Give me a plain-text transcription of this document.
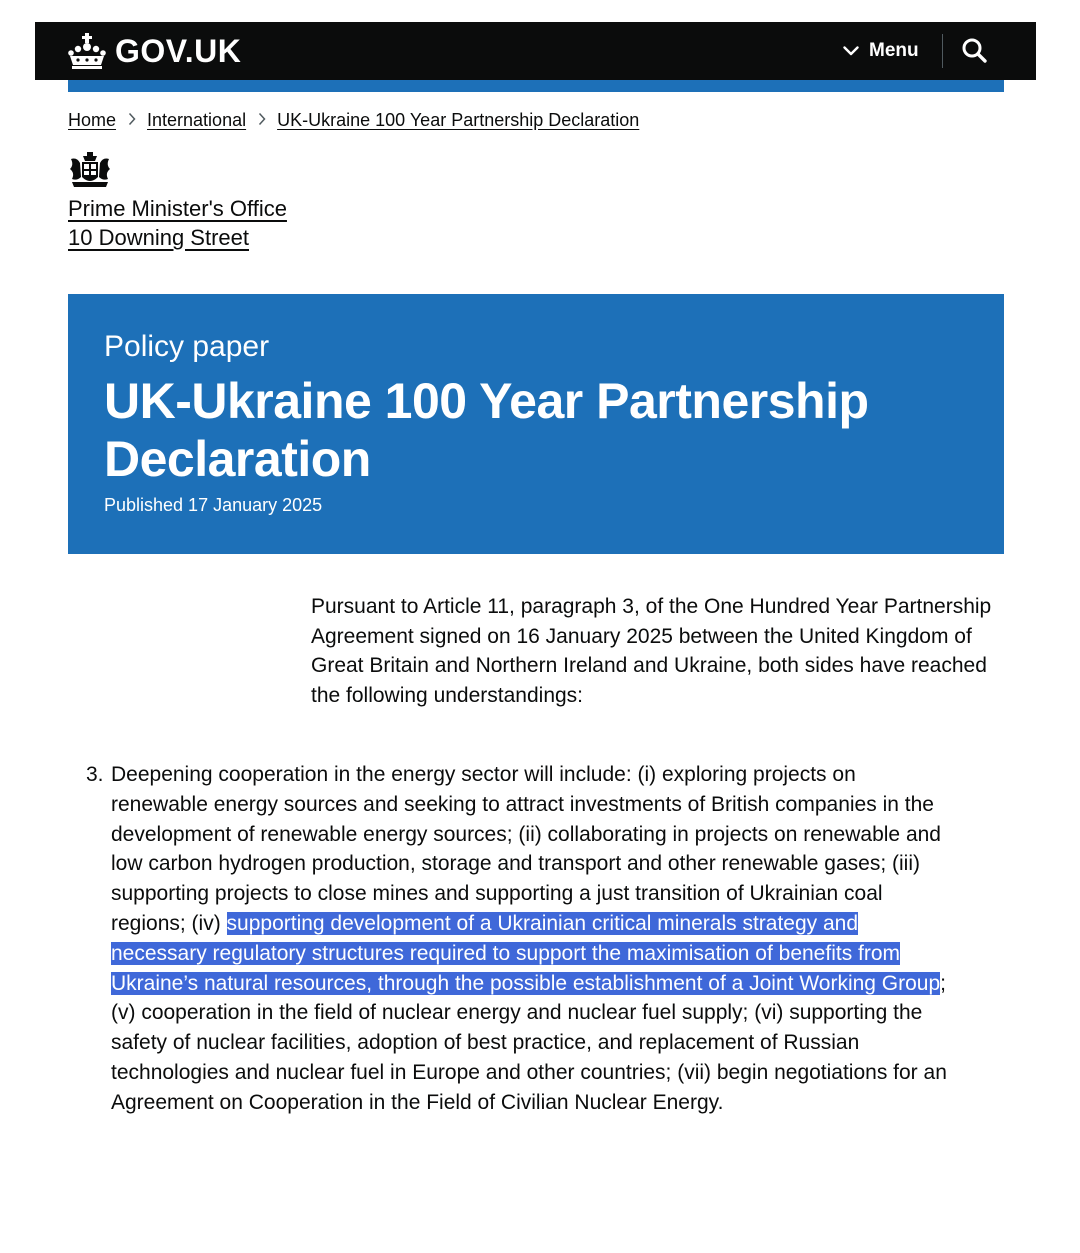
GOV.UK	Menu
Home International UK-Ukraine 100 Year Partnership Declaration
Prime Minister's Office
10 Downing Street
Policy paper
UK-Ukraine 100 Year Partnership Declaration
Published 17 January 2025

Pursuant to Article 11, paragraph 3, of the One Hundred Year Partnership Agreement signed on 16 January 2025 between the United Kingdom of Great Britain and Northern Ireland and Ukraine, both sides have reached the following understandings:

3. Deepening cooperation in the energy sector will include: (i) exploring projects on renewable energy sources and seeking to attract investments of British companies in the development of renewable energy sources; (ii) collaborating in projects on renewable and low carbon hydrogen production, storage and transport and other renewable gases; (iii) supporting projects to close mines and supporting a just transition of Ukrainian coal regions; (iv) supporting development of a Ukrainian critical minerals strategy and necessary regulatory structures required to support the maximisation of benefits from Ukraine’s natural resources, through the possible establishment of a Joint Working Group; (v) cooperation in the field of nuclear energy and nuclear fuel supply; (vi) supporting the safety of nuclear facilities, adoption of best practice, and replacement of Russian technologies and nuclear fuel in Europe and other countries; (vii) begin negotiations for an Agreement on Cooperation in the Field of Civilian Nuclear Energy.
